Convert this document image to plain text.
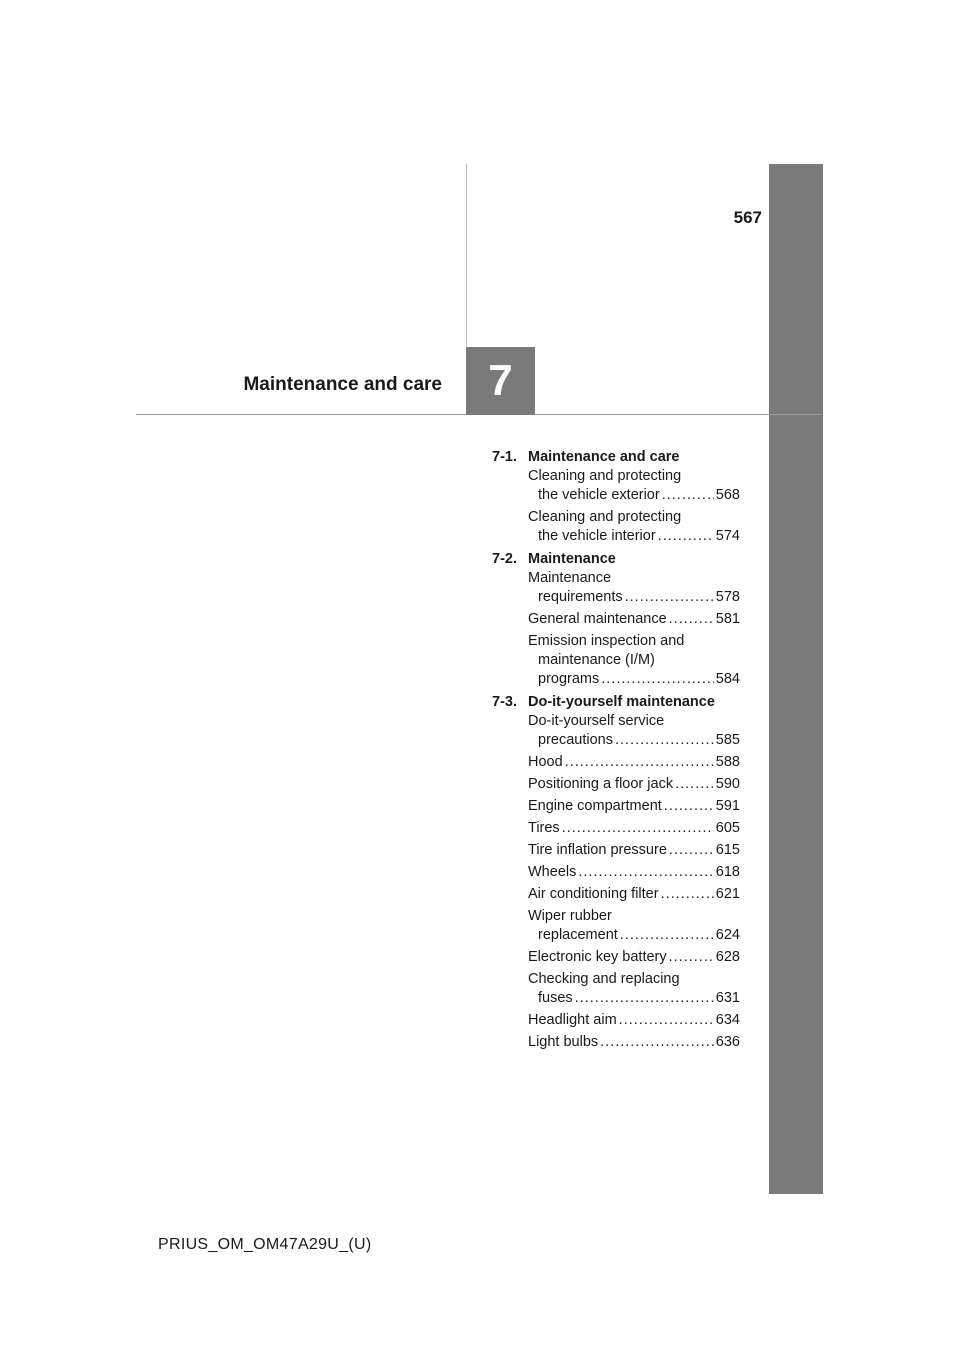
567
Maintenance and care	7
7-1. Maintenance and care
Cleaning and protecting
the vehicle exterior .....	568
Cleaning and protecting
the vehicle interior .....	574
7-2. Maintenance
Maintenance
requirements .....	578
General maintenance .....	581
Emission inspection and
maintenance (I/M)
programs .....	584
7-3. Do-it-yourself maintenance
Do-it-yourself service
precautions .....	585
Hood .....	588
Positioning a floor jack .....	590
Engine compartment .....	591
Tires .....	605
Tire inflation pressure .....	615
Wheels .....	618
Air conditioning filter .....	621
Wiper rubber
replacement .....	624
Electronic key battery .....	628
Checking and replacing
fuses .....	631
Headlight aim .....	634
Light bulbs .....	636
PRIUS_OM_OM47A29U_(U)
